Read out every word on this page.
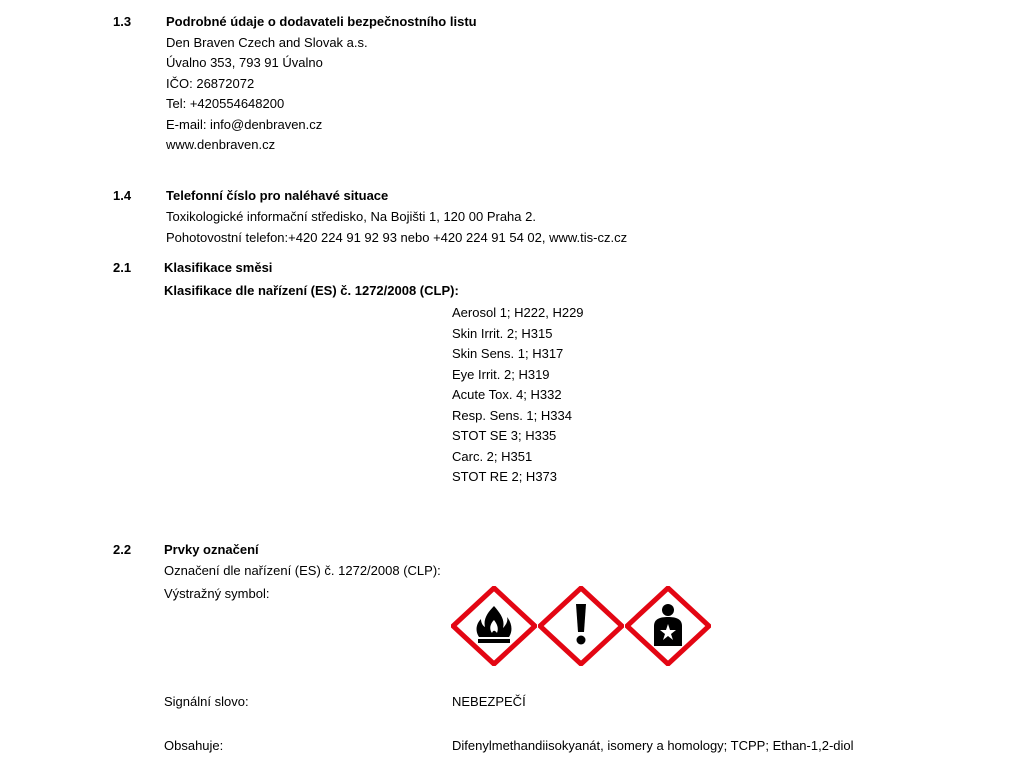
1.3	Podrobné údaje o dodavateli bezpečnostního listu
Den Braven Czech and Slovak a.s.
Úvalno 353, 793 91 Úvalno
IČO: 26872072
Tel: +420554648200
E-mail: info@denbraven.cz
www.denbraven.cz
1.4	Telefonní číslo pro naléhavé situace
Toxikologické informační středisko, Na Bojišti 1, 120 00 Praha 2.
Pohotovostní telefon:+420 224 91 92 93 nebo +420 224 91 54 02, www.tis-cz.cz
2.1	Klasifikace směsi
Klasifikace dle nařízení (ES) č. 1272/2008 (CLP):
Aerosol 1; H222, H229
Skin Irrit. 2; H315
Skin Sens. 1; H317
Eye Irrit. 2; H319
Acute Tox. 4; H332
Resp. Sens. 1; H334
STOT SE 3; H335
Carc. 2; H351
STOT RE 2; H373
2.2	Prvky označení
Označení dle nařízení (ES) č. 1272/2008 (CLP):
Výstražný symbol:
Signální slovo:	NEBEZPEČÍ
Obsahuje:	Difenylmethandiisokyanát, isomery a homology; TCPP; Ethan-1,2-diol
